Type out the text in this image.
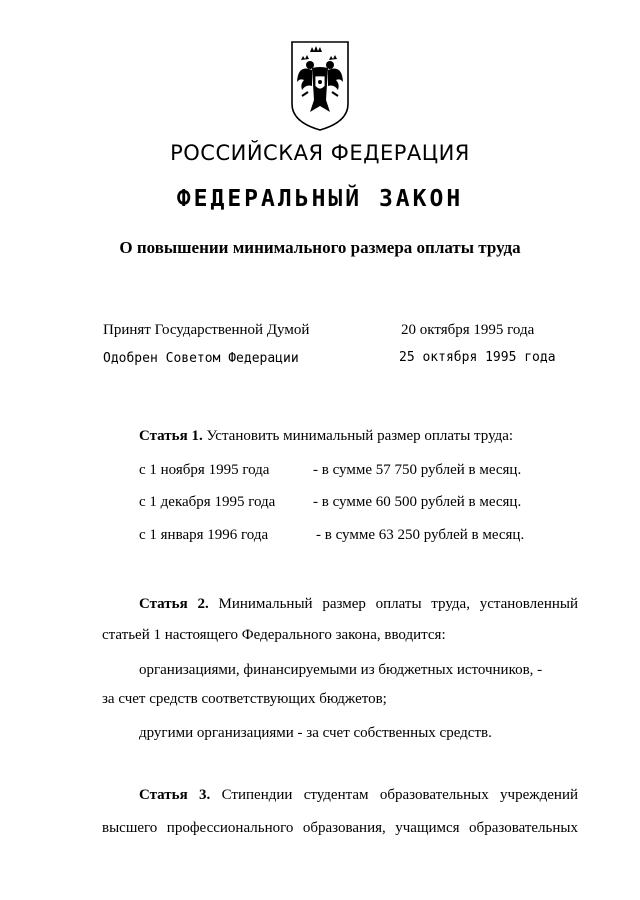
РОССИЙСКАЯ ФЕДЕРАЦИЯ
ФЕДЕРАЛЬНЫЙ ЗАКОН
О повышении минимального размера оплаты труда
Принят Государственной Думой	20 октября 1995 года
Одобрен Советом Федерации	25 октября 1995 года
Статья 1. Установить минимальный размер оплаты труда:
с 1 ноября 1995 года	- в сумме 57 750 рублей в месяц.
с 1 декабря 1995 года	- в сумме 60 500 рублей в месяц.
с 1 января 1996 года	- в сумме 63 250 рублей в месяц.
Статья 2. Минимальный размер оплаты труда, установленный
статьей 1 настоящего Федерального закона, вводится:
организациями, финансируемыми из бюджетных источников, -
за счет средств соответствующих бюджетов;
другими организациями - за счет собственных средств.
Статья 3. Стипендии студентам образовательных учреждений
высшего профессионального образования, учащимся образовательных
